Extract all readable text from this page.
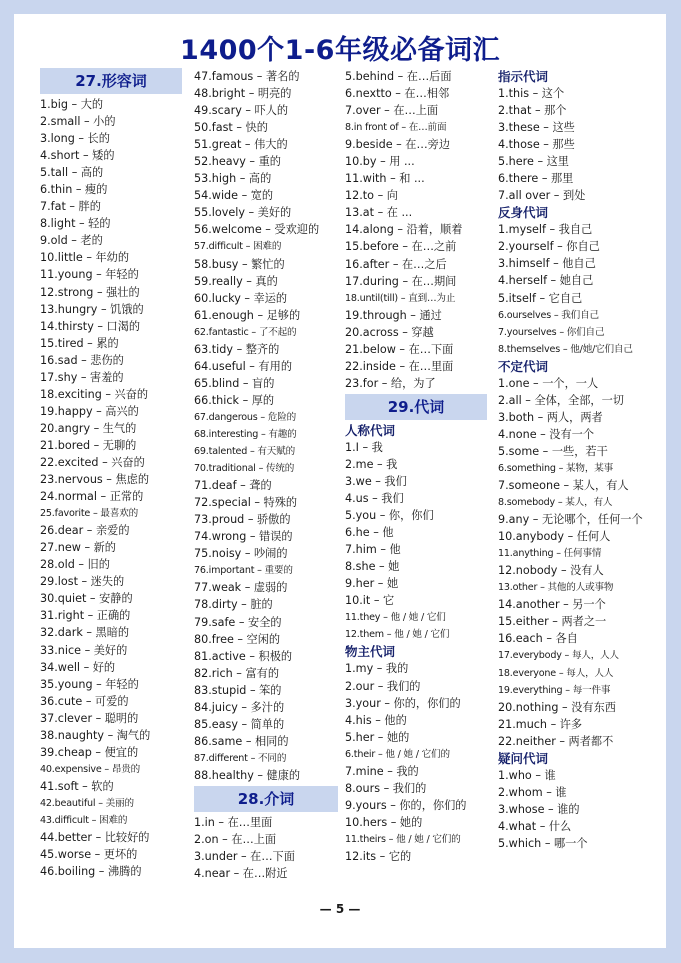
1400个1-6年级必备词汇
27.形容词
1.big – 大的
2.small – 小的
3.long – 长的
4.short – 矮的
5.tall – 高的
6.thin – 瘦的
7.fat – 胖的
8.light – 轻的
9.old – 老的
10.little – 年幼的
11.young – 年轻的
12.strong – 强壮的
13.hungry – 饥饿的
14.thirsty – 口渴的
15.tired – 累的
16.sad – 悲伤的
17.shy – 害羞的
18.exciting – 兴奋的
19.happy – 高兴的
20.angry – 生气的
21.bored – 无聊的
22.excited – 兴奋的
23.nervous – 焦虑的
24.normal – 正常的
25.favorite – 最喜欢的
26.dear – 亲爱的
27.new – 新的
28.old – 旧的
29.lost – 迷失的
30.quiet – 安静的
31.right – 正确的
32.dark – 黑暗的
33.nice – 美好的
34.well – 好的
35.young – 年轻的
36.cute – 可爱的
37.clever – 聪明的
38.naughty – 淘气的
39.cheap – 便宜的
40.expensive – 昂贵的
41.soft – 软的
42.beautiful – 美丽的
43.difficult – 困难的
44.better – 比较好的
45.worse – 更坏的
46.boiling – 沸腾的
47.famous – 著名的
48.bright – 明亮的
49.scary – 吓人的
50.fast – 快的
51.great – 伟大的
52.heavy – 重的
53.high – 高的
54.wide – 宽的
55.lovely – 美好的
56.welcome – 受欢迎的
57.difficult – 困难的
58.busy – 繁忙的
59.really – 真的
60.lucky – 幸运的
61.enough – 足够的
62.fantastic – 了不起的
63.tidy – 整齐的
64.useful – 有用的
65.blind – 盲的
66.thick – 厚的
67.dangerous – 危险的
68.interesting – 有趣的
69.talented – 有天赋的
70.traditional – 传统的
71.deaf – 聋的
72.special – 特殊的
73.proud – 骄傲的
74.wrong – 错误的
75.noisy – 吵闹的
76.important – 重要的
77.weak – 虚弱的
78.dirty – 脏的
79.safe – 安全的
80.free – 空闲的
81.active – 积极的
82.rich – 富有的
83.stupid – 笨的
84.juicy – 多汁的
85.easy – 简单的
86.same – 相同的
87.different – 不同的
88.healthy – 健康的
28.介词
1.in – 在…里面
2.on – 在…上面
3.under – 在…下面
4.near – 在…附近
5.behind – 在…后面
6.nextto – 在…相邻
7.over – 在…上面
8.in front of – 在…前面
9.beside – 在…旁边
10.by – 用 ...
11.with – 和 ...
12.to – 向
13.at – 在 ...
14.along – 沿着，顺着
15.before – 在…之前
16.after – 在…之后
17.during – 在…期间
18.until(till) – 直到…为止
19.through – 通过
20.across – 穿越
21.below – 在…下面
22.inside – 在…里面
23.for – 给，为了
29.代词
人称代词
1.I – 我
2.me – 我
3.we – 我们
4.us – 我们
5.you – 你，你们
6.he – 他
7.him – 他
8.she – 她
9.her – 她
10.it – 它
11.they – 他 / 她 / 它们
12.them – 他 / 她 / 它们
物主代词
1.my – 我的
2.our – 我们的
3.your – 你的，你们的
4.his – 他的
5.her – 她的
6.their – 他 / 她 / 它们的
7.mine – 我的
8.ours – 我们的
9.yours – 你的，你们的
10.hers – 她的
11.theirs – 他 / 她 / 它们的
12.its – 它的
指示代词
1.this – 这个
2.that – 那个
3.these – 这些
4.those – 那些
5.here – 这里
6.there – 那里
7.all over – 到处
反身代词
1.myself – 我自己
2.yourself – 你自己
3.himself – 他自己
4.herself – 她自己
5.itself – 它自己
6.ourselves – 我们自己
7.yourselves – 你们自己
8.themselves – 他/她/它们自己
不定代词
1.one – 一个，一人
2.all – 全体，全部，一切
3.both – 两人，两者
4.none – 没有一个
5.some – 一些，若干
6.something – 某物，某事
7.someone – 某人，有人
8.somebody – 某人，有人
9.any – 无论哪个，任何一个
10.anybody – 任何人
11.anything – 任何事情
12.nobody – 没有人
13.other – 其他的人或事物
14.another – 另一个
15.either – 两者之一
16.each – 各自
17.everybody – 每人，人人
18.everyone – 每人，人人
19.everything – 每一件事
20.nothing – 没有东西
21.much – 许多
22.neither – 两者都不
疑问代词
1.who – 谁
2.whom – 谁
3.whose – 谁的
4.what – 什么
5.which – 哪一个
— 5 —
